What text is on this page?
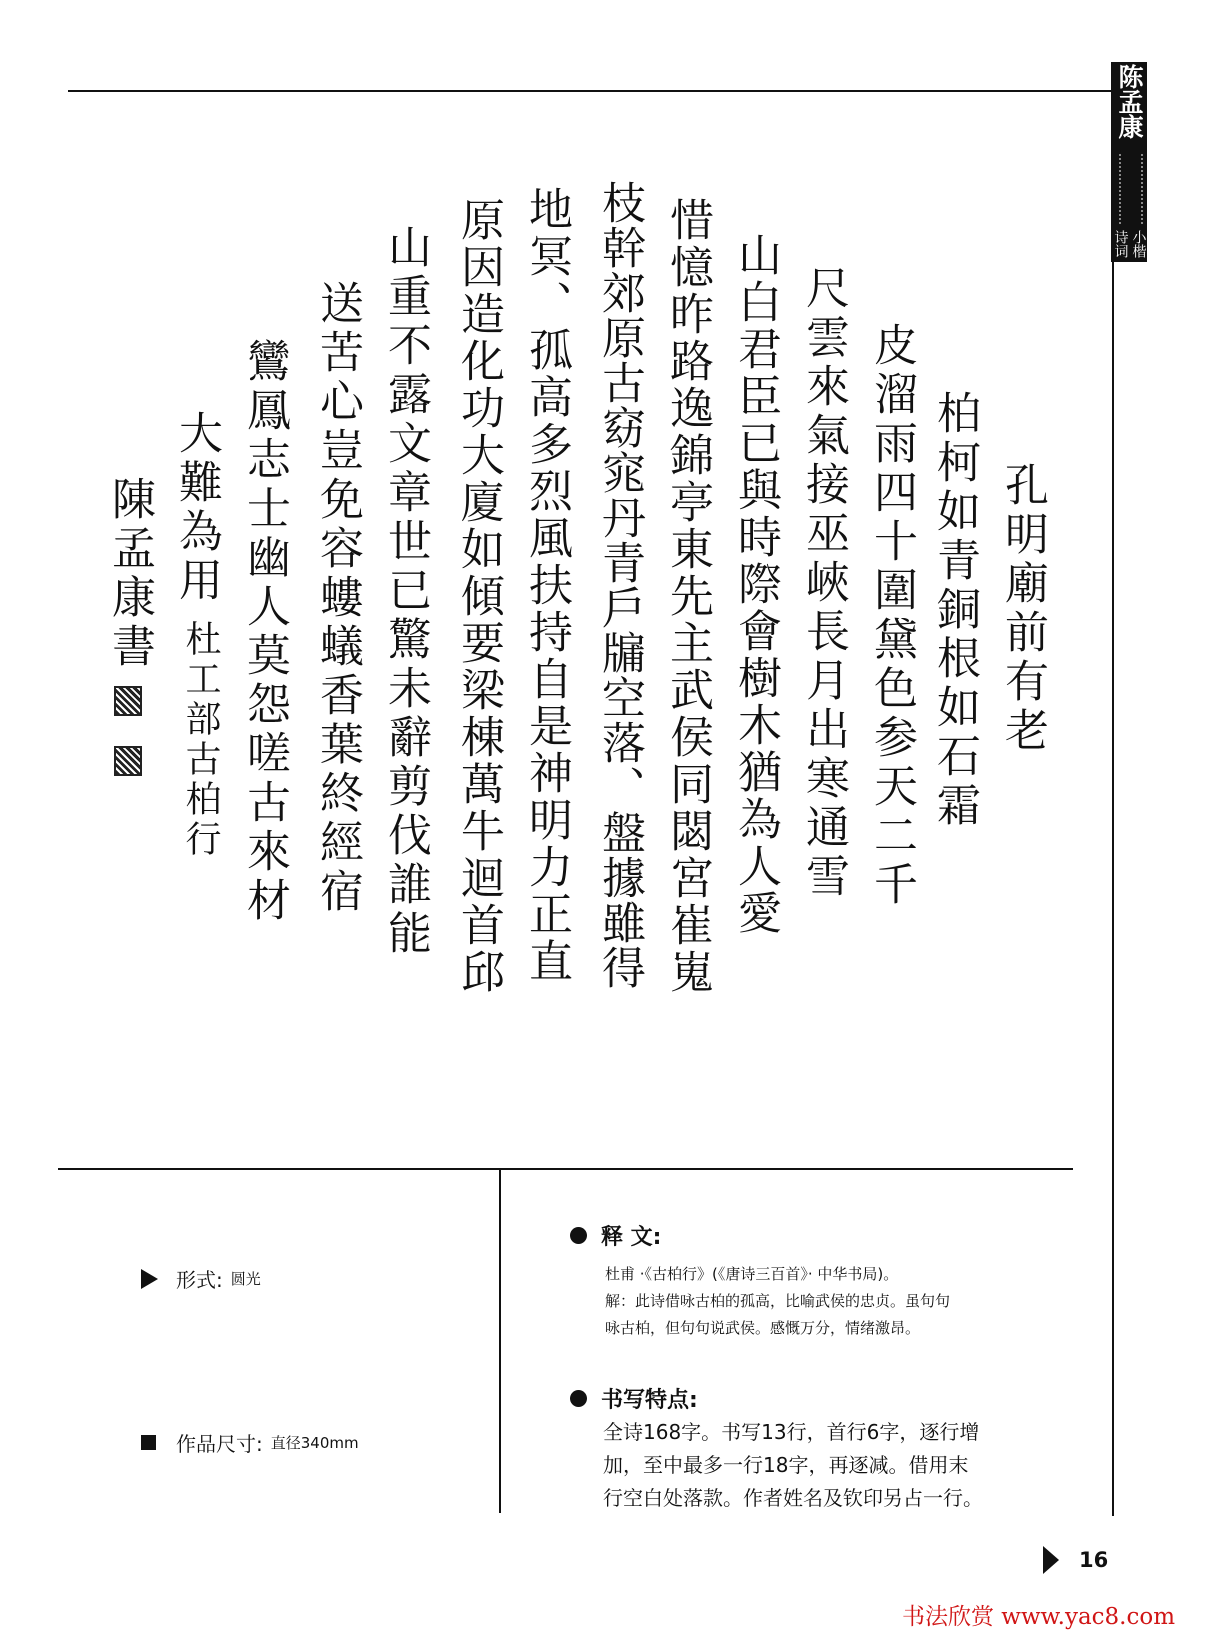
陈孟康
小楷
诗词
孔明廟前有老
柏柯如青銅根如石霜
皮溜雨四十圍黛色参天二千
尺雲來氣接巫峽長月出寒通雪
山白君臣已與時際會樹木猶為人愛
惜憶昨路逸錦亭東先主武侯同閟宮崔嵬
枝幹郊原古窈窕丹青戶牖空落、盤據雖得
地冥、孤高多烈風扶持自是神明力正直
原因造化功大廈如傾要梁棟萬牛迴首邱
山重不露文章世已驚未辭剪伐誰能
送苦心豈免容螻蟻香葉終經宿
鸞鳳志士幽人莫怨嗟古來材
大難為用
杜工部古柏行
陳孟康書
形式: 圆光
作品尺寸: 直径340mm
释 文:
杜甫 ·《古柏行》(《唐诗三百首》· 中华书局)。
解：此诗借咏古柏的孤高，比喻武侯的忠贞。虽句句
咏古柏，但句句说武侯。感慨万分，情绪激昂。
书写特点:
全诗168字。书写13行，首行6字，逐行增
加，至中最多一行18字，再逐减。借用末
行空白处落款。作者姓名及钦印另占一行。
16
书法欣赏 www.yac8.com
